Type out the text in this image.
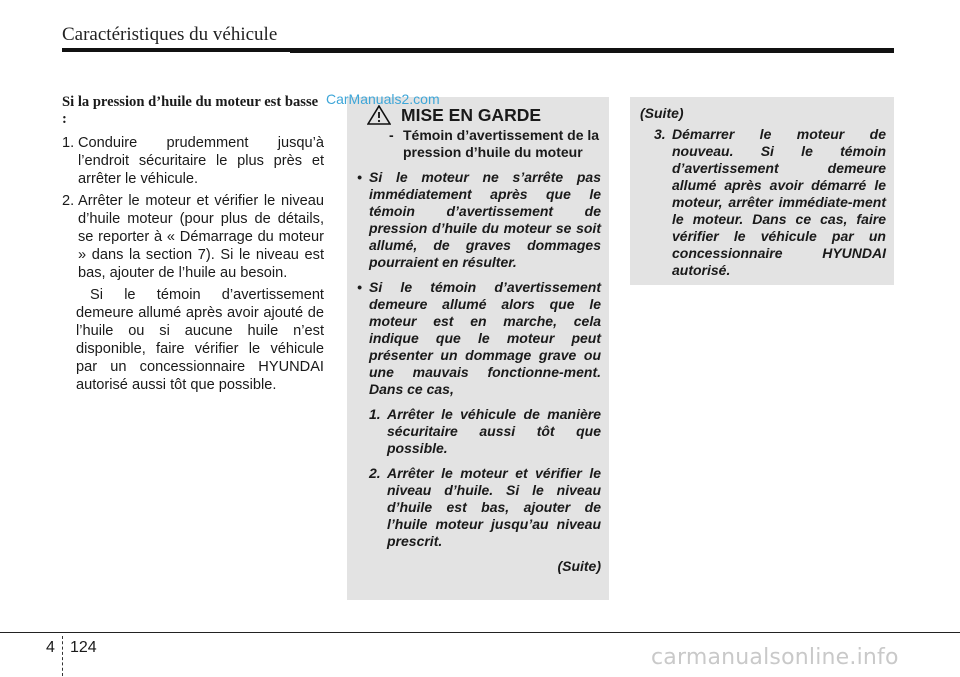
Caractéristiques du véhicule
Si la pression d’huile du moteur est basse :
1. Conduire prudemment jusqu’à l’endroit sécuritaire le plus près et arrêter le véhicule.
2. Arrêter le moteur et vérifier le niveau d’huile moteur (pour plus de détails, se reporter à « Démarrage du moteur » dans la section 7). Si le niveau est bas, ajouter de l’huile au besoin.
Si le témoin d’avertissement demeure allumé après avoir ajouté de l’huile ou si aucune huile n’est disponible, faire vérifier le véhicule par un concessionnaire HYUNDAI autorisé aussi tôt que possible.
MISE EN GARDE
- Témoin d’avertissement de la pression d’huile du moteur
• Si le moteur ne s’arrête pas immédiatement après que le témoin d’avertissement de pression d’huile du moteur se soit allumé, de graves dommages pourraient en résulter.
• Si le témoin d’avertissement demeure allumé alors que le moteur est en marche, cela indique que le moteur peut présenter un dommage grave ou une mauvais fonctionne-ment. Dans ce cas,
1. Arrêter le véhicule de manière sécuritaire aussi tôt que possible.
2. Arrêter le moteur et vérifier le niveau d’huile. Si le niveau d’huile est bas, ajouter de l’huile moteur jusqu’au niveau prescrit.
(Suite)
CarManuals2.com
(Suite)
3. Démarrer le moteur de nouveau. Si le témoin d’avertissement demeure allumé après avoir démarré le moteur, arrêter immédiate-ment le moteur. Dans ce cas, faire vérifier le véhicule par un concessionnaire HYUNDAI autorisé.
4 124	carmanualsonline.info
